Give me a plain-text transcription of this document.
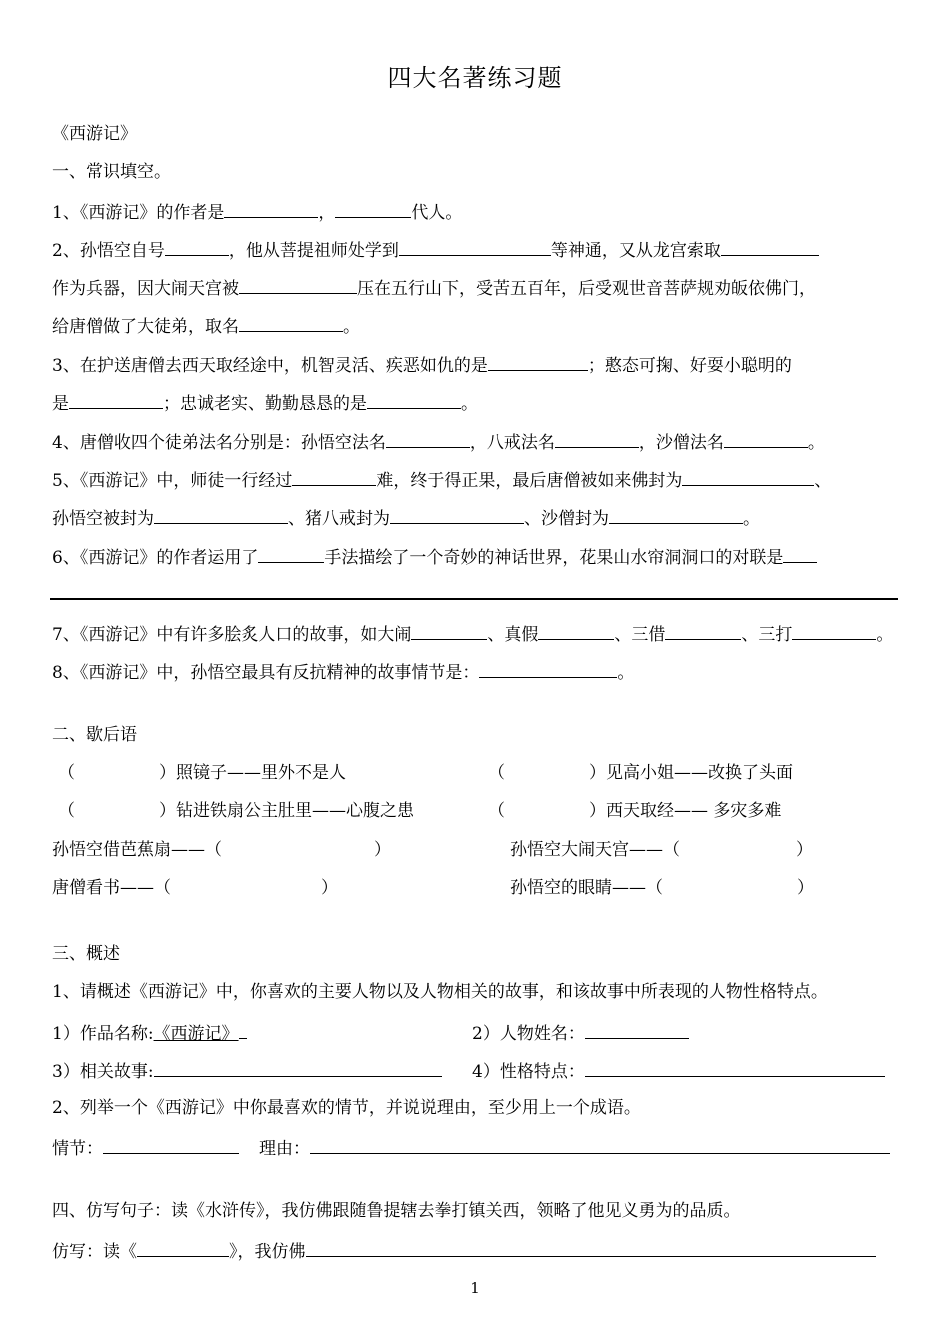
四大名著练习题
《西游记》
一、常识填空。
1、《西游记》的作者是	，	代人。
2、孙悟空自号	，他从菩提祖师处学到	等神通，又从龙宫索取
作为兵器，因大闹天宫被	压在五行山下，受苦五百年，后受观世音菩萨规劝皈依佛门，
给唐僧做了大徒弟，取名	。
3、在护送唐僧去西天取经途中，机智灵活、疾恶如仇的是	；憨态可掬、好耍小聪明的
是	；忠诚老实、勤勤恳恳的是	。
4、唐僧收四个徒弟法名分别是：孙悟空法名	，八戒法名	，沙僧法名	。
5、《西游记》中，师徒一行经过	难，终于得正果，最后唐僧被如来佛封为	、
孙悟空被封为	、猪八戒封为	、沙僧封为	。
6、《西游记》的作者运用了	手法描绘了一个奇妙的神话世界，花果山水帘洞洞口的对联是
7、《西游记》中有许多脍炙人口的故事，如大闹	、真假	、三借	、三打	。
8、《西游记》中，孙悟空最具有反抗精神的故事情节是：	。
二、歇后语
（	）照镜子——里外不是人	（	）见高小姐——改换了头面
（	）钻进铁扇公主肚里——心腹之患	（	）西天取经—— 多灾多难
孙悟空借芭蕉扇——（	）	孙悟空大闹天宫——（	）
唐僧看书——（	）	孙悟空的眼睛——（	）
三、概述
1、请概述《西游记》中，你喜欢的主要人物以及人物相关的故事，和该故事中所表现的人物性格特点。
1）作品名称:《西游记》	2）人物姓名：
3）相关故事:	4）性格特点：
2、列举一个《西游记》中你最喜欢的情节，并说说理由，至少用上一个成语。
情节：	理由：
四、仿写句子：读《水浒传》，我仿佛跟随鲁提辖去拳打镇关西，领略了他见义勇为的品质。
仿写：读《	》，我仿佛
1
